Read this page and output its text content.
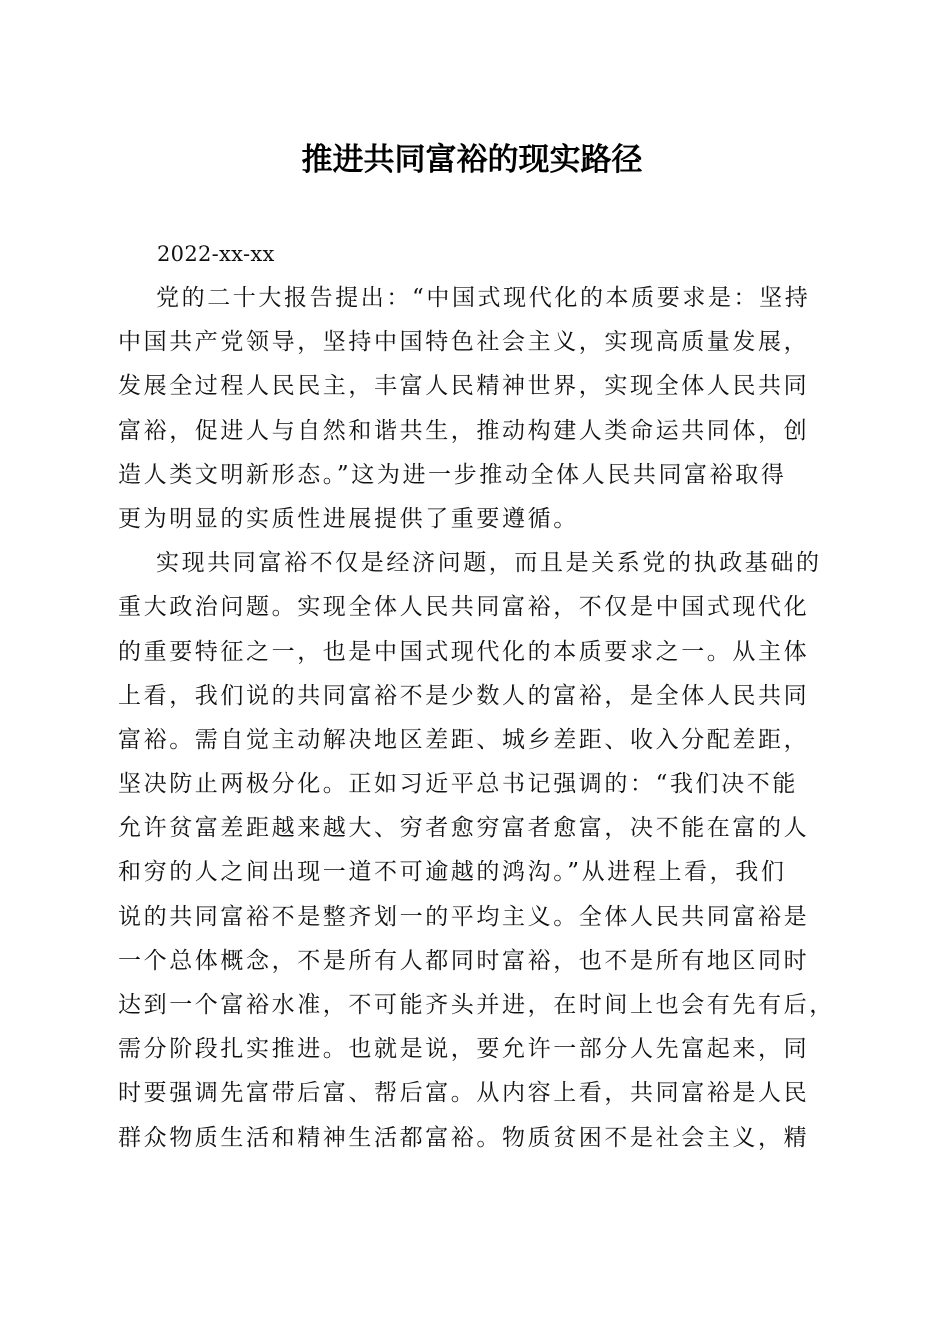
推进共同富裕的现实路径
2022-xx-xx
党的二十大报告提出：“中国式现代化的本质要求是：坚持
中国共产党领导，坚持中国特色社会主义，实现高质量发展，
发展全过程人民民主，丰富人民精神世界，实现全体人民共同
富裕，促进人与自然和谐共生，推动构建人类命运共同体，创
造人类文明新形态。”这为进一步推动全体人民共同富裕取得
更为明显的实质性进展提供了重要遵循。
实现共同富裕不仅是经济问题，而且是关系党的执政基础的
重大政治问题。实现全体人民共同富裕，不仅是中国式现代化
的重要特征之一，也是中国式现代化的本质要求之一。从主体
上看，我们说的共同富裕不是少数人的富裕，是全体人民共同
富裕。需自觉主动解决地区差距、城乡差距、收入分配差距，
坚决防止两极分化。正如习近平总书记强调的：“我们决不能
允许贫富差距越来越大、穷者愈穷富者愈富，决不能在富的人
和穷的人之间出现一道不可逾越的鸿沟。”从进程上看，我们
说的共同富裕不是整齐划一的平均主义。全体人民共同富裕是
一个总体概念，不是所有人都同时富裕，也不是所有地区同时
达到一个富裕水准，不可能齐头并进，在时间上也会有先有后，
需分阶段扎实推进。也就是说，要允许一部分人先富起来，同
时要强调先富带后富、帮后富。从内容上看，共同富裕是人民
群众物质生活和精神生活都富裕。物质贫困不是社会主义，精
